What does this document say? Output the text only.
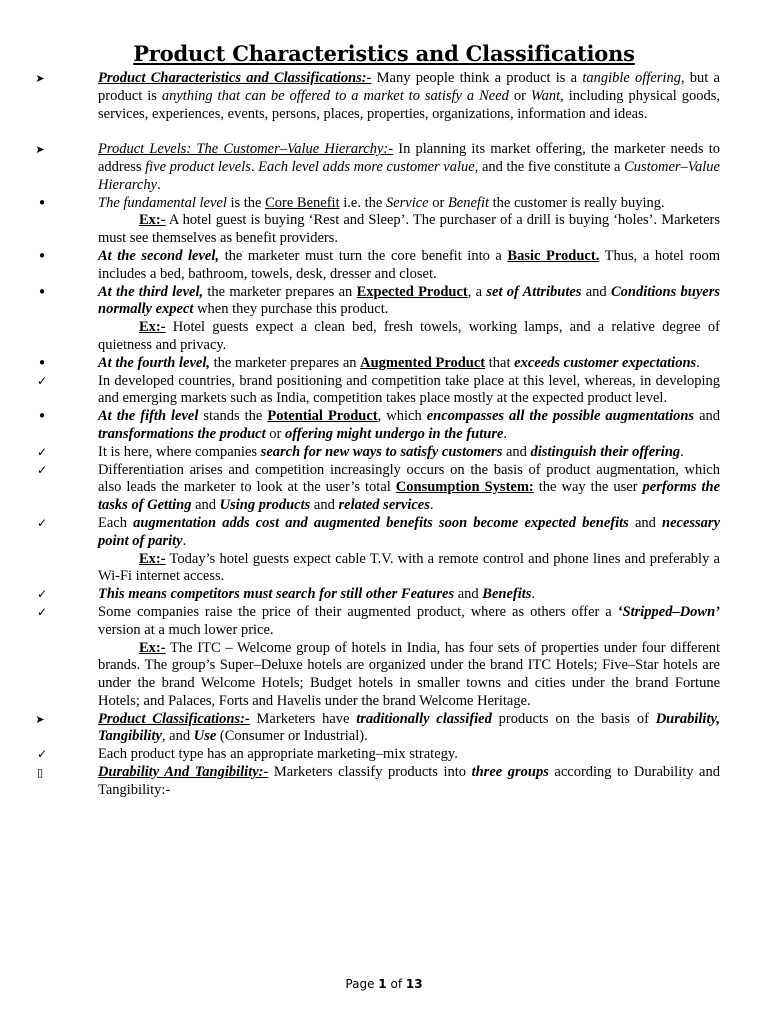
Product Characteristics and Classifications
➤	Product Characteristics and Classifications:- Many people think a product is a tangible offering, but a product is anything that can be offered to a market to satisfy a Need or Want, including physical goods, services, experiences, events, persons, places, properties, organizations, information and ideas.
➤	Product Levels: The Customer–Value Hierarchy:- In planning its market offering, the marketer needs to address five product levels. Each level adds more customer value, and the five constitute a Customer–Value Hierarchy.
•	The fundamental level is the Core Benefit i.e. the Service or Benefit the customer is really buying.
Ex:- A hotel guest is buying ‘Rest and Sleep’. The purchaser of a drill is buying ‘holes’. Marketers must see themselves as benefit providers.
•	At the second level, the marketer must turn the core benefit into a Basic Product. Thus, a hotel room includes a bed, bathroom, towels, desk, dresser and closet.
•	At the third level, the marketer prepares an Expected Product, a set of Attributes and Conditions buyers normally expect when they purchase this product.
Ex:- Hotel guests expect a clean bed, fresh towels, working lamps, and a relative degree of quietness and privacy.
•	At the fourth level, the marketer prepares an Augmented Product that exceeds customer expectations.
✓	In developed countries, brand positioning and competition take place at this level, whereas, in developing and emerging markets such as India, competition takes place mostly at the expected product level.
•	At the fifth level stands the Potential Product, which encompasses all the possible augmentations and transformations the product or offering might undergo in the future.
✓	It is here, where companies search for new ways to satisfy customers and distinguish their offering.
✓	Differentiation arises and competition increasingly occurs on the basis of product augmentation, which also leads the marketer to look at the user’s total Consumption System: the way the user performs the tasks of Getting and Using products and related services.
✓	Each augmentation adds cost and augmented benefits soon become expected benefits and necessary point of parity.
Ex:- Today’s hotel guests expect cable T.V. with a remote control and phone lines and preferably a Wi-Fi internet access.
✓	This means competitors must search for still other Features and Benefits.
✓	Some companies raise the price of their augmented product, where as others offer a ‘Stripped–Down’ version at a much lower price.
Ex:- The ITC – Welcome group of hotels in India, has four sets of properties under four different brands. The group’s Super–Deluxe hotels are organized under the brand ITC Hotels; Five–Star hotels are under the brand Welcome Hotels; Budget hotels in smaller towns and cities under the brand Fortune Hotels; and Palaces, Forts and Havelis under the brand Welcome Heritage.
➤	Product Classifications:- Marketers have traditionally classified products on the basis of Durability, Tangibility, and Use (Consumer or Industrial).
✓	Each product type has an appropriate marketing–mix strategy.
▯	Durability And Tangibility:- Marketers classify products into three groups according to Durability and Tangibility:-

Page 1 of 13
